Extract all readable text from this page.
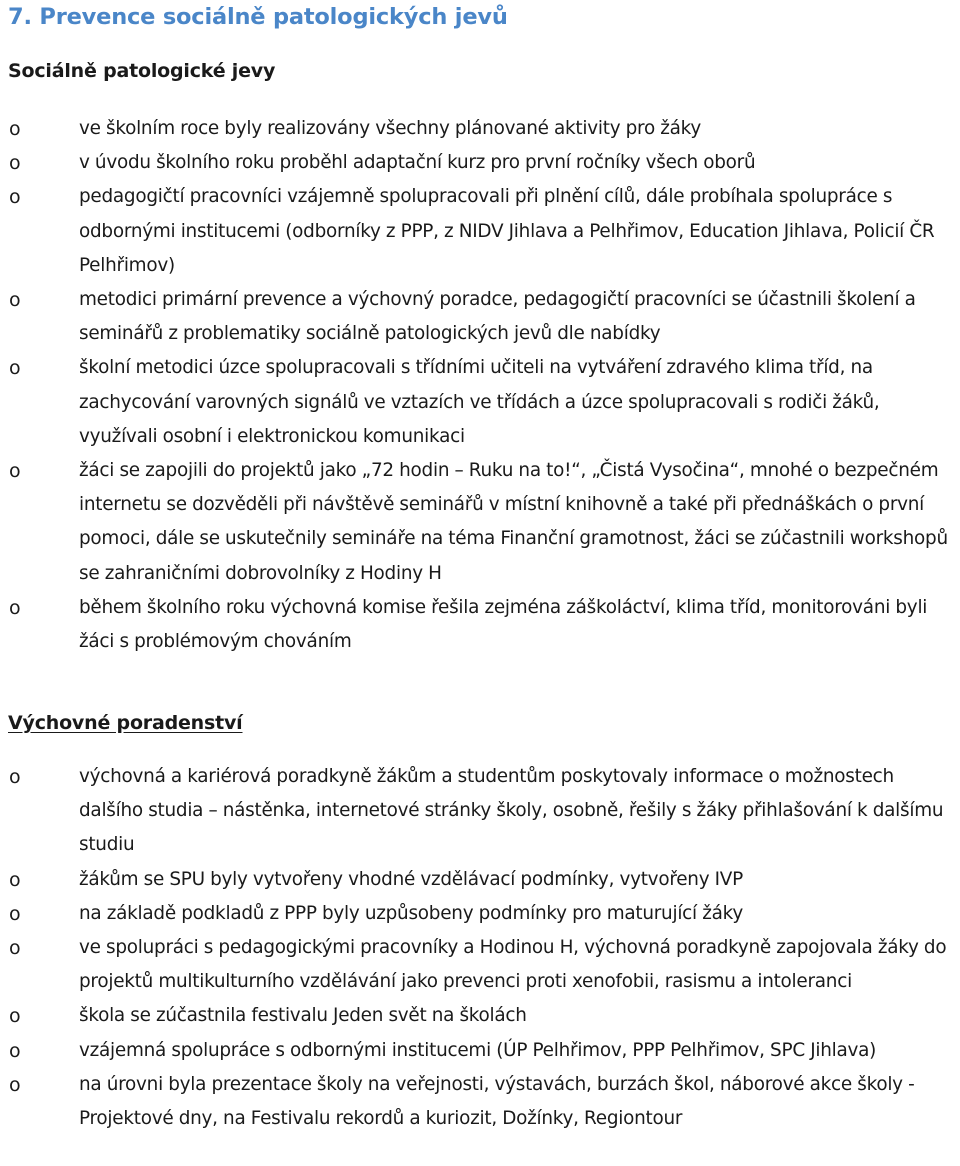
7. Prevence sociálně patologických jevů
Sociálně patologické jevy
o	ve školním roce byly realizovány všechny plánované aktivity pro žáky
o	v úvodu školního roku proběhl adaptační kurz pro první ročníky všech oborů
o	pedagogičtí pracovníci vzájemně spolupracovali při plnění cílů, dále probíhala spolupráce s odbornými institucemi (odborníky z PPP, z NIDV Jihlava a Pelhřimov, Education Jihlava, Policií ČR Pelhřimov)
o	metodici primární prevence a výchovný poradce, pedagogičtí pracovníci se účastnili školení a seminářů z problematiky sociálně patologických jevů dle nabídky
o	školní metodici úzce spolupracovali s třídními učiteli na vytváření zdravého klima tříd, na zachycování varovných signálů ve vztazích ve třídách a úzce spolupracovali s rodiči žáků, využívali osobní i elektronickou komunikaci
o	žáci se zapojili do projektů jako „72 hodin – Ruku na to!“, „Čistá Vysočina“, mnohé o bezpečném internetu se dozvěděli při návštěvě seminářů v místní knihovně a také při přednáškách o první pomoci, dále se uskutečnily semináře na téma Finanční gramotnost, žáci se zúčastnili workshopů se zahraničními dobrovolníky z Hodiny H
o	během školního roku výchovná komise řešila zejména záškoláctví, klima tříd, monitorováni byli žáci s problémovým chováním
Výchovné poradenství
o	výchovná a kariérová poradkyně žákům a studentům poskytovaly informace o možnostech dalšího studia – nástěnka, internetové stránky školy, osobně, řešily s žáky přihlašování k dalšímu studiu
o	žákům se SPU byly vytvořeny vhodné vzdělávací podmínky, vytvořeny IVP
o	na základě podkladů z PPP byly uzpůsobeny podmínky pro maturující žáky
o	ve spolupráci s pedagogickými pracovníky a Hodinou H, výchovná poradkyně zapojovala žáky do projektů multikulturního vzdělávání jako prevenci proti xenofobii, rasismu a intoleranci
o	škola se zúčastnila festivalu Jeden svět na školách
o	vzájemná spolupráce s odbornými institucemi (ÚP Pelhřimov, PPP Pelhřimov, SPC Jihlava)
o	na úrovni byla prezentace školy na veřejnosti, výstavách, burzách škol, náborové akce školy - Projektové dny, na Festivalu rekordů a kuriozit, Dožínky, Regiontour
